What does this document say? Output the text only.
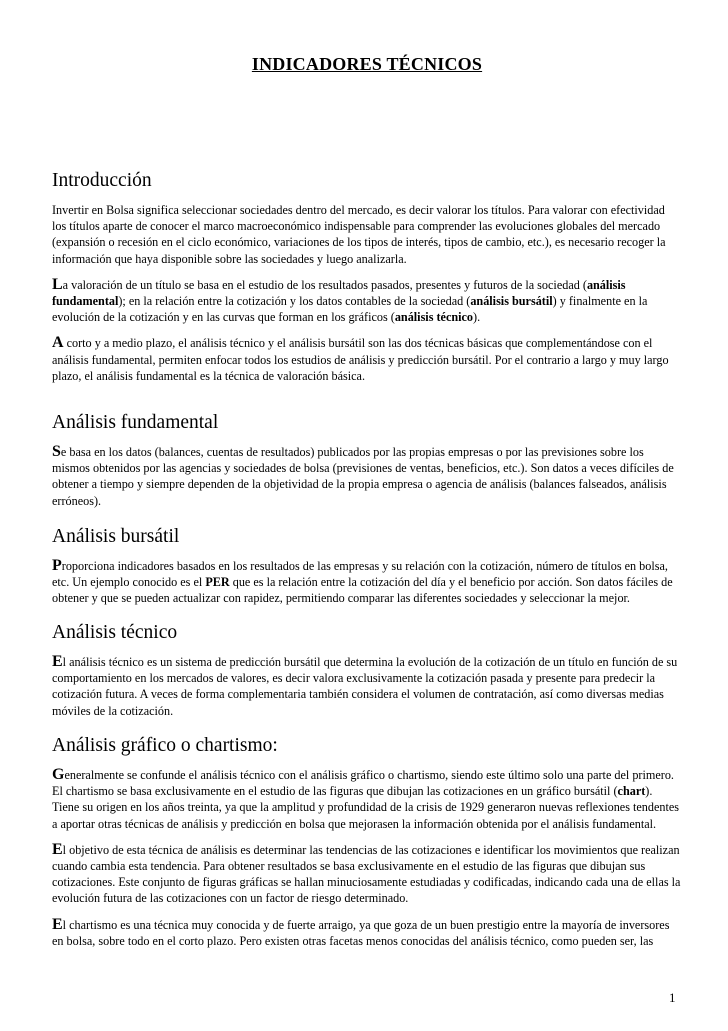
INDICADORES TÉCNICOS
Introducción

Invertir en Bolsa significa seleccionar sociedades dentro del mercado, es decir valorar los títulos. Para valorar con efectividad los títulos aparte de conocer el marco macroeconómico indispensable para comprender las evoluciones globales del mercado (expansión o recesión en el ciclo económico, variaciones de los tipos de interés, tipos de cambio, etc.), es necesario recoger la información que haya disponible sobre las sociedades y luego analizarla.

La valoración de un título se basa en el estudio de los resultados pasados, presentes y futuros de la sociedad (análisis fundamental); en la relación entre la cotización y los datos contables de la sociedad (análisis bursátil) y finalmente en la evolución de la cotización y en las curvas que forman en los gráficos (análisis técnico).

A corto y a medio plazo, el análisis técnico y el análisis bursátil son las dos técnicas básicas que complementándose con el análisis fundamental, permiten enfocar todos los estudios de análisis y predicción bursátil. Por el contrario a largo y muy largo plazo, el análisis fundamental es la técnica de valoración básica.

Análisis fundamental

Se basa en los datos (balances, cuentas de resultados) publicados por las propias empresas o por las previsiones sobre los mismos obtenidos por las agencias y sociedades de bolsa (previsiones de ventas, beneficios, etc.). Son datos a veces difíciles de obtener a tiempo y siempre dependen de la objetividad de la propia empresa o agencia de análisis (balances falseados, análisis erróneos).

Análisis bursátil

Proporciona indicadores basados en los resultados de las empresas y su relación con la cotización, número de títulos en bolsa, etc. Un ejemplo conocido es el PER que es la relación entre la cotización del día y el beneficio por acción. Son datos fáciles de obtener y que se pueden actualizar con rapidez, permitiendo comparar las diferentes sociedades y seleccionar la mejor.

Análisis técnico

El análisis técnico es un sistema de predicción bursátil que determina la evolución de la cotización de un título en función de su comportamiento en los mercados de valores, es decir valora exclusivamente la cotización pasada y presente para predecir la cotización futura. A veces de forma complementaria también considera el volumen de contratación, así como diversas medias móviles de la cotización.

Análisis gráfico o chartismo:

Generalmente se confunde el análisis técnico con el análisis gráfico o chartismo, siendo este último solo una parte del primero. El chartismo se basa exclusivamente en el estudio de las figuras que dibujan las cotizaciones en un gráfico bursátil (chart). Tiene su origen en los años treinta, ya que la amplitud y profundidad de la crisis de 1929 generaron nuevas reflexiones tendentes a aportar otras técnicas de análisis y predicción en bolsa que mejorasen la información obtenida por el análisis fundamental.

El objetivo de esta técnica de análisis es determinar las tendencias de las cotizaciones e identificar los movimientos que realizan cuando cambia esta tendencia. Para obtener resultados se basa exclusivamente en el estudio de las figuras que dibujan sus cotizaciones. Este conjunto de figuras gráficas se hallan minuciosamente estudiadas y codificadas, indicando cada una de ellas la evolución futura de las cotizaciones con un factor de riesgo determinado.

El chartismo es una técnica muy conocida y de fuerte arraigo, ya que goza de un buen prestigio entre la mayoría de inversores en bolsa, sobre todo en el corto plazo. Pero existen otras facetas menos conocidas del análisis técnico, como pueden ser, las

1
